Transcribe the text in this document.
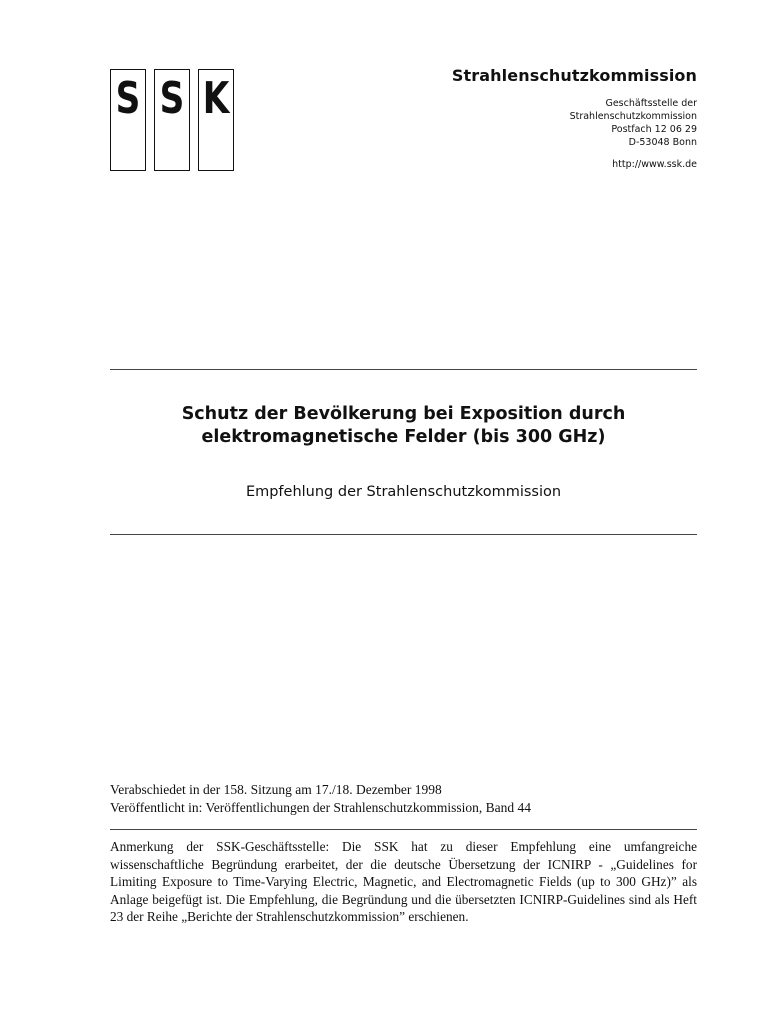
S S K	Strahlenschutzkommission
Geschäftsstelle der
Strahlenschutzkommission
Postfach 12 06 29
D-53048 Bonn
http://www.ssk.de
Schutz der Bevölkerung bei Exposition durch
elektromagnetische Felder (bis 300 GHz)
Empfehlung der Strahlenschutzkommission
Verabschiedet in der 158. Sitzung am 17./18. Dezember 1998
Veröffentlicht in: Veröffentlichungen der Strahlenschutzkommission, Band 44
Anmerkung der SSK-Geschäftsstelle: Die SSK hat zu dieser Empfehlung eine umfangreiche wissenschaftliche Begründung erarbeitet, der die deutsche Übersetzung der ICNIRP - „Guidelines for Limiting Exposure to Time-Varying Electric, Magnetic, and Electromagnetic Fields (up to 300 GHz)” als Anlage beigefügt ist. Die Empfehlung, die Begründung und die übersetzten ICNIRP-Guidelines sind als Heft 23 der Reihe „Berichte der Strahlenschutzkommission” erschienen.
